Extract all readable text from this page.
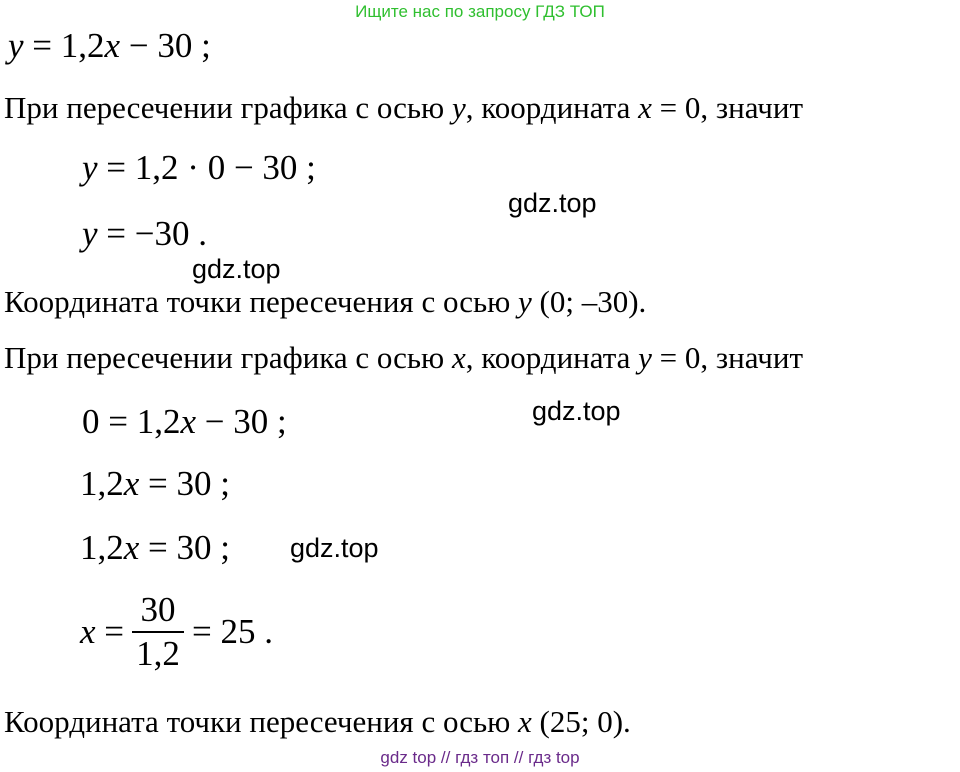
Ищите нас по запросу ГДЗ ТОП
y = 1,2x − 30 ;
При пересечении графика с осью y, координата x = 0, значит
y = 1,2 · 0 − 30 ;
gdz.top
y = −30 .
gdz.top
Координата точки пересечения с осью y (0; –30).
При пересечении графика с осью x, координата y = 0, значит
0 = 1,2x − 30 ;	gdz.top
1,2x = 30 ;
1,2x = 30 ; gdz.top
x =
30
1,2
= 25 .
Координата точки пересечения с осью x (25; 0).
gdz top // гдз топ // гдз top
